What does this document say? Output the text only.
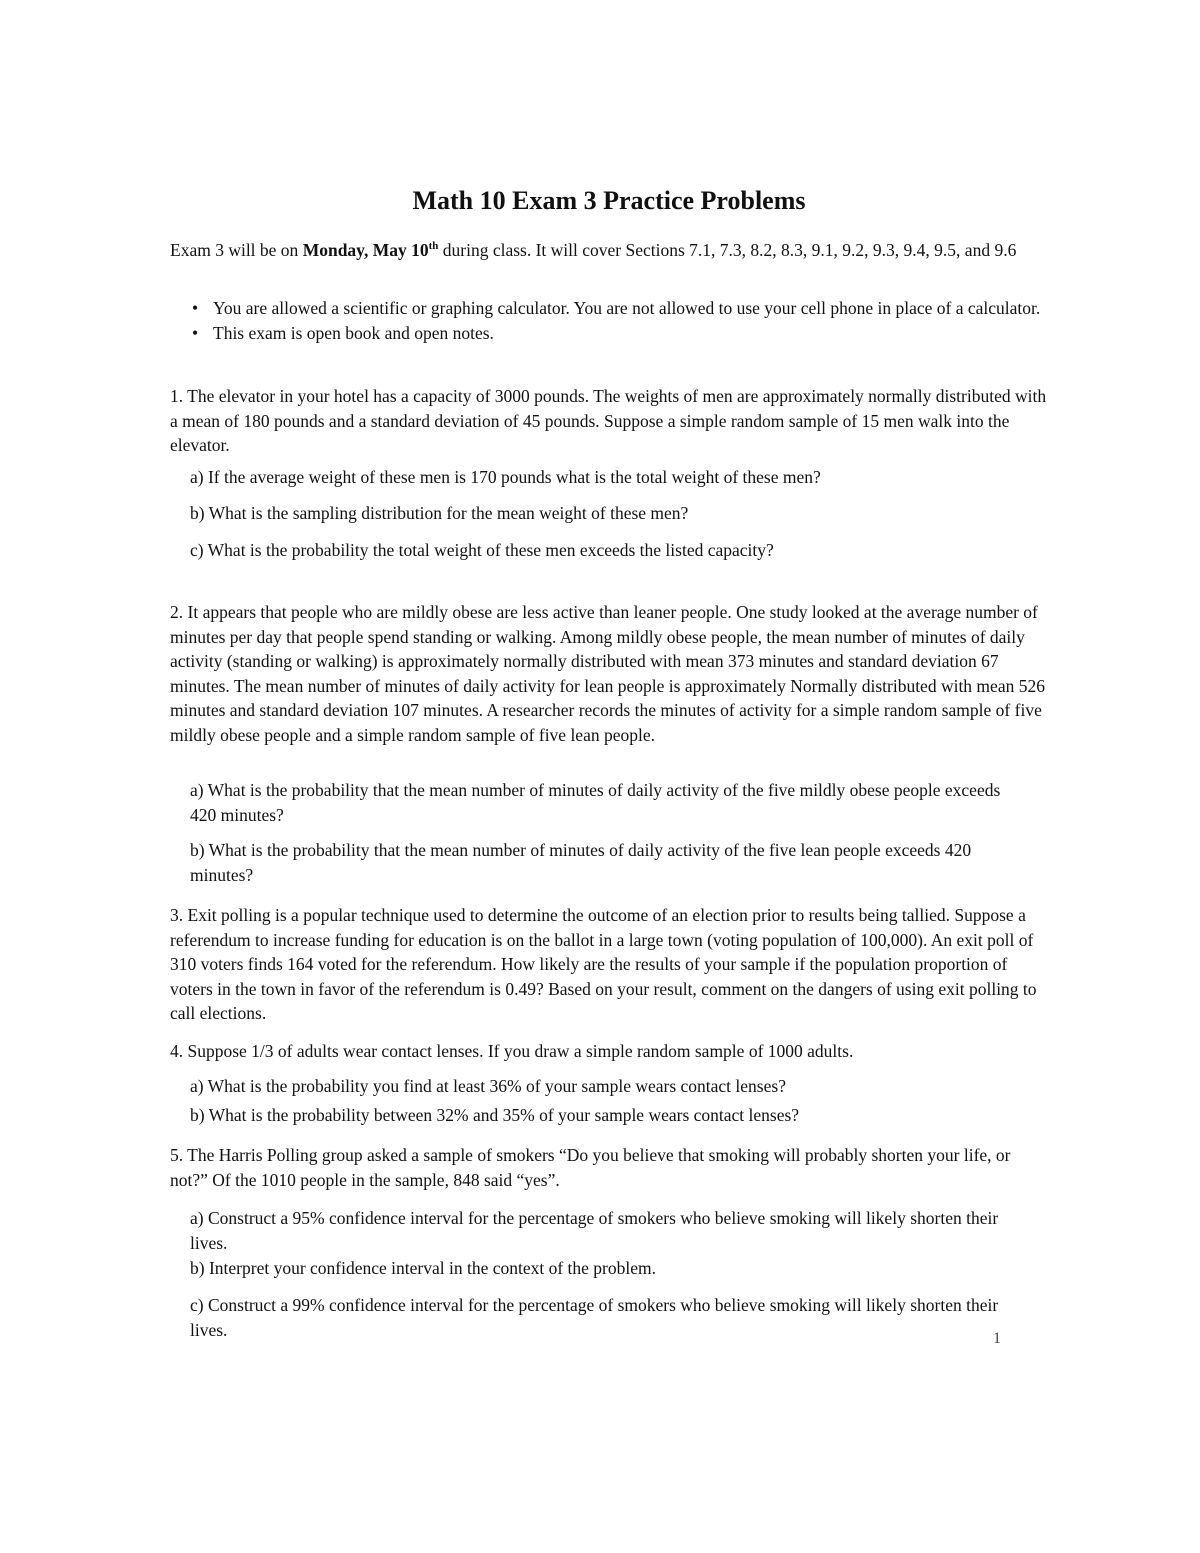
Math 10 Exam 3 Practice Problems

Exam 3 will be on Monday, May 10th during class. It will cover Sections 7.1, 7.3, 8.2, 8.3, 9.1, 9.2, 9.3, 9.4, 9.5, and 9.6

• You are allowed a scientific or graphing calculator. You are not allowed to use your cell phone in place of a calculator.
• This exam is open book and open notes.

1. The elevator in your hotel has a capacity of 3000 pounds. The weights of men are approximately normally distributed with a mean of 180 pounds and a standard deviation of 45 pounds. Suppose a simple random sample of 15 men walk into the elevator.

a) If the average weight of these men is 170 pounds what is the total weight of these men?

b) What is the sampling distribution for the mean weight of these men?

c) What is the probability the total weight of these men exceeds the listed capacity?

2. It appears that people who are mildly obese are less active than leaner people. One study looked at the average number of minutes per day that people spend standing or walking. Among mildly obese people, the mean number of minutes of daily activity (standing or walking) is approximately normally distributed with mean 373 minutes and standard deviation 67 minutes. The mean number of minutes of daily activity for lean people is approximately Normally distributed with mean 526 minutes and standard deviation 107 minutes. A researcher records the minutes of activity for a simple random sample of five mildly obese people and a simple random sample of five lean people.

a) What is the probability that the mean number of minutes of daily activity of the five mildly obese people exceeds 420 minutes?

b) What is the probability that the mean number of minutes of daily activity of the five lean people exceeds 420 minutes?

3. Exit polling is a popular technique used to determine the outcome of an election prior to results being tallied. Suppose a referendum to increase funding for education is on the ballot in a large town (voting population of 100,000). An exit poll of 310 voters finds 164 voted for the referendum. How likely are the results of your sample if the population proportion of voters in the town in favor of the referendum is 0.49? Based on your result, comment on the dangers of using exit polling to call elections.

4. Suppose 1/3 of adults wear contact lenses. If you draw a simple random sample of 1000 adults.

a) What is the probability you find at least 36% of your sample wears contact lenses?

b) What is the probability between 32% and 35% of your sample wears contact lenses?

5. The Harris Polling group asked a sample of smokers “Do you believe that smoking will probably shorten your life, or not?” Of the 1010 people in the sample, 848 said “yes”.

a) Construct a 95% confidence interval for the percentage of smokers who believe smoking will likely shorten their lives.

b) Interpret your confidence interval in the context of the problem.

c) Construct a 99% confidence interval for the percentage of smokers who believe smoking will likely shorten their lives.	1
